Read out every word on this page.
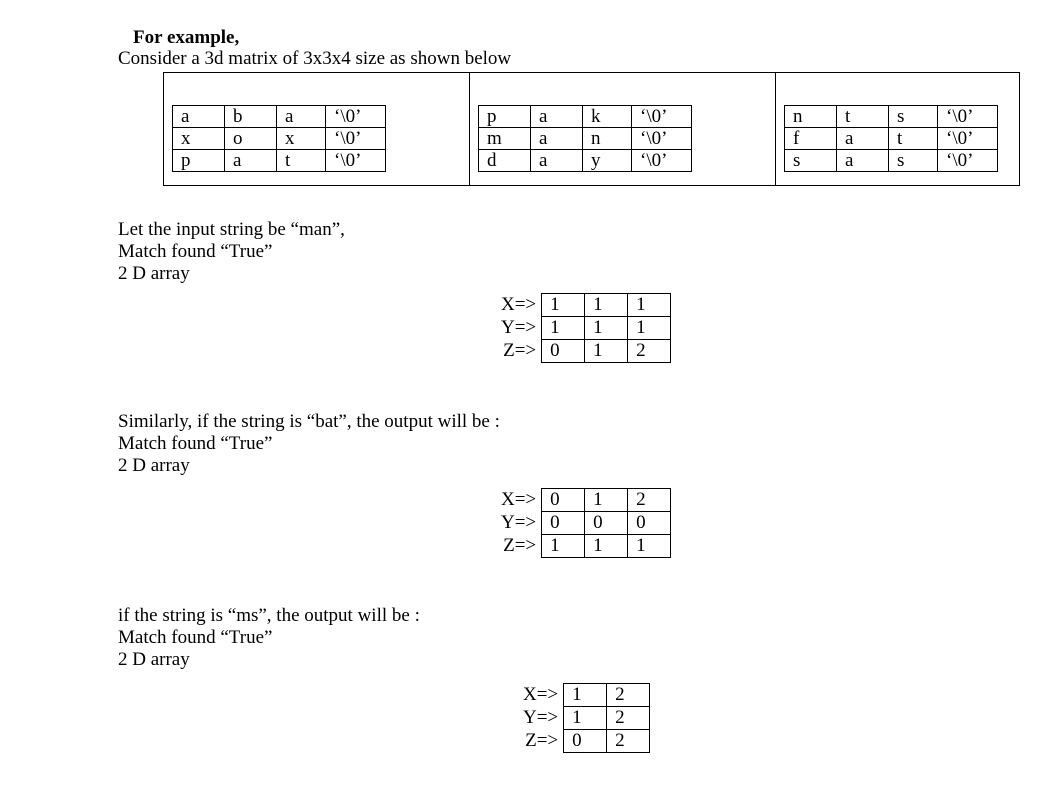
For example,
Consider a 3d matrix of 3x3x4 size as shown below
a	b	a	‘\0’
x	o	x	‘\0’
p	a	t	‘\0’
p	a	k	‘\0’
m	a	n	‘\0’
d	a	y	‘\0’
n	t	s	‘\0’
f	a	t	‘\0’
s	a	s	‘\0’
Let the input string be “man”,
Match found “True”
2 D array
X=>	1	1	1
Y=>	1	1	1
Z=>	0	1	2
Similarly, if the string is “bat”, the output will be :
Match found “True”
2 D array
X=>	0	1	2
Y=>	0	0	0
Z=>	1	1	1
if the string is “ms”, the output will be :
Match found “True”
2 D array
X=>	1	2
Y=>	1	2
Z=>	0	2
